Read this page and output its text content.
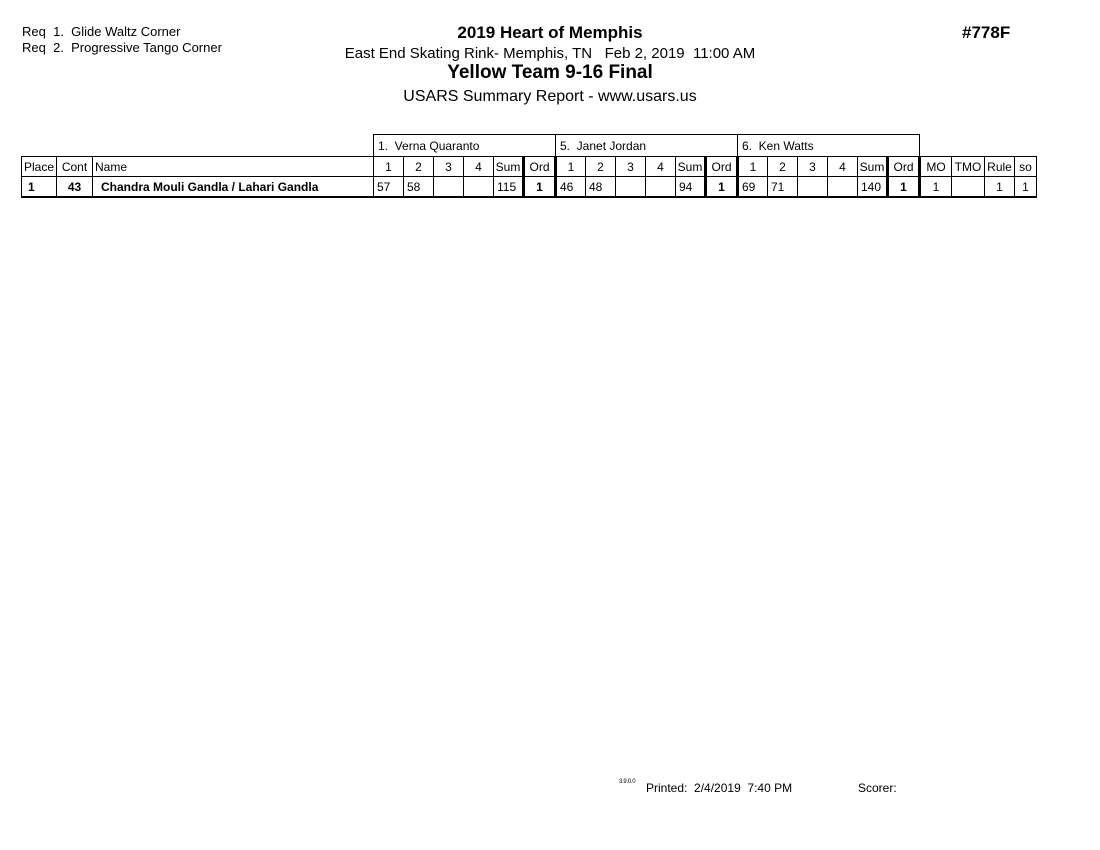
Req  1.  Glide Waltz Corner
Req  2.  Progressive Tango Corner
2019 Heart of Memphis
East End Skating Rink- Memphis, TN   Feb 2, 2019  11:00 AM
Yellow Team 9-16 Final
USARS Summary Report - www.usars.us
#778F
			1.  Verna Quaranto						5.  Janet Jordan						6.  Ken Watts									
Place	Cont	Name	1	2	3	4	Sum	Ord	1	2	3	4	Sum	Ord	1	2	3	4	Sum	Ord	MO	TMO	Rule	so
1	43	Chandra Mouli Gandla / Lahari Gandla	57	58			115	1	46	48			94	1	69	71			140	1	1		1	1
3.9.0.0 Printed: 2/4/2019  7:40 PM	Scorer:
